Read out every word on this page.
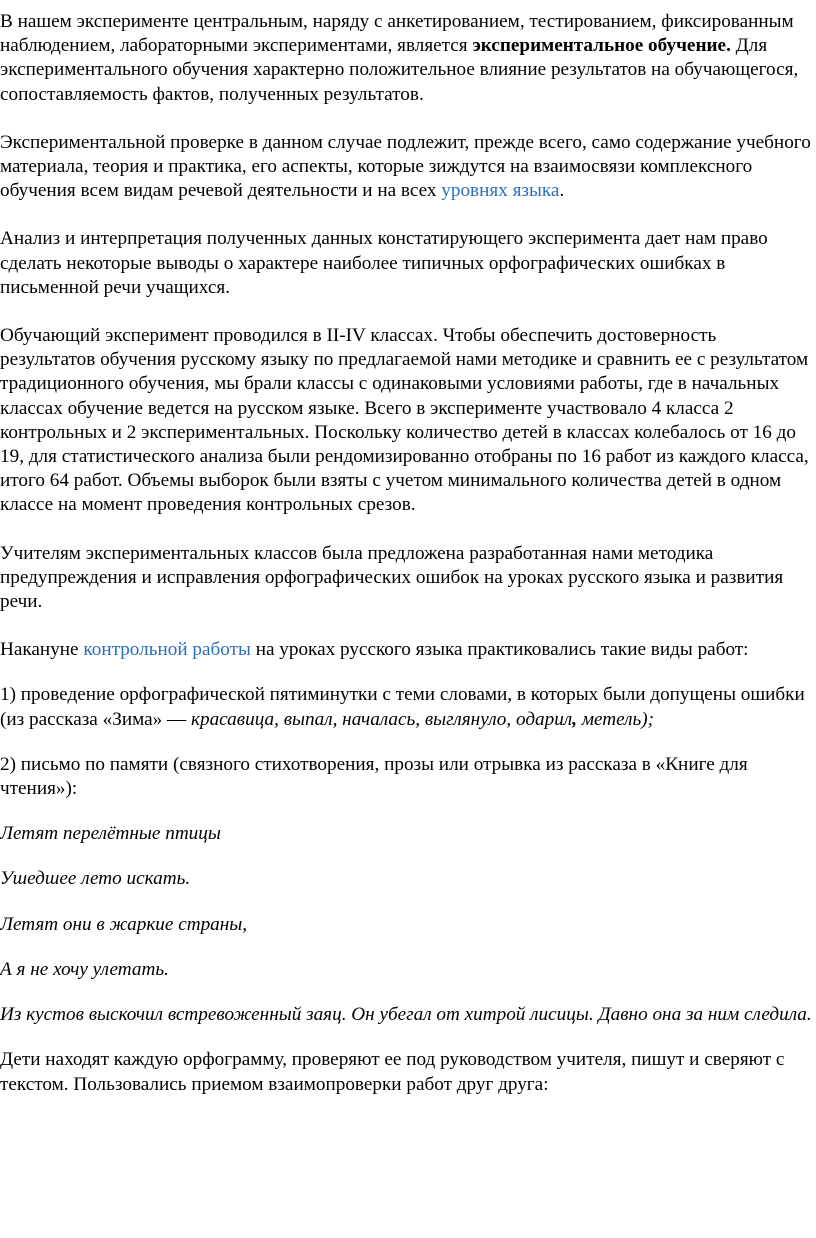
В нашем эксперименте центральным, наряду с анкетированием, тестированием, фиксированным наблюдением, лабораторными экспериментами, является экспериментальное обучение. Для экспериментального обучения характерно положительное влияние результатов на обучающегося, сопоставляемость фактов, полученных результатов.

Экспериментальной проверке в данном случае подлежит, прежде всего, само содержание учебного материала, теория и практика, его аспекты, которые зиждутся на взаимосвязи комплексного обучения всем видам речевой деятельности и на всех уровнях языка.

Анализ и интерпретация полученных данных констатирующего эксперимента дает нам право сделать некоторые выводы о характере наиболее типичных орфографических ошибках в письменной речи учащихся.

Обучающий эксперимент проводился в II-IV классах. Чтобы обеспечить достоверность результатов обучения русскому языку по предлагаемой нами методике и сравнить ее с результатом традиционного обучения, мы брали классы с одинаковыми условиями работы, где в начальных классах обучение ведется на русском языке. Всего в эксперименте участвовало 4 класса 2 контрольных и 2 экспериментальных. Поскольку количество детей в классах колебалось от 16 до 19, для статистического анализа были рендомизированно отобраны по 16 работ из каждого класса, итого 64 работ. Объемы выборок были взяты с учетом минимального количества детей в одном классе на момент проведения контрольных срезов.

Учителям экспериментальных классов была предложена разработанная нами методика предупреждения и исправления орфографических ошибок на уроках русского языка и развития речи.

Накануне контрольной работы на уроках русского языка практиковались такие виды работ:

1) проведение орфографической пятиминутки с теми словами, в которых были допущены ошибки (из рассказа «Зима» — красавица, выпал, началась, выглянуло, одарил, метель);

2) письмо по памяти (связного стихотворения, прозы или отрывка из рассказа в «Книге для чтения»):

Летят перелётные птицы

Ушедшее лето искать.

Летят они в жаркие страны,

А я не хочу улетать.

Из кустов выскочил встревоженный заяц. Он убегал от хитрой лисицы. Давно она за ним следила.

Дети находят каждую орфограмму, проверяют ее под руководством учителя, пишут и сверяют с текстом. Пользовались приемом взаимопроверки работ друг друга:
